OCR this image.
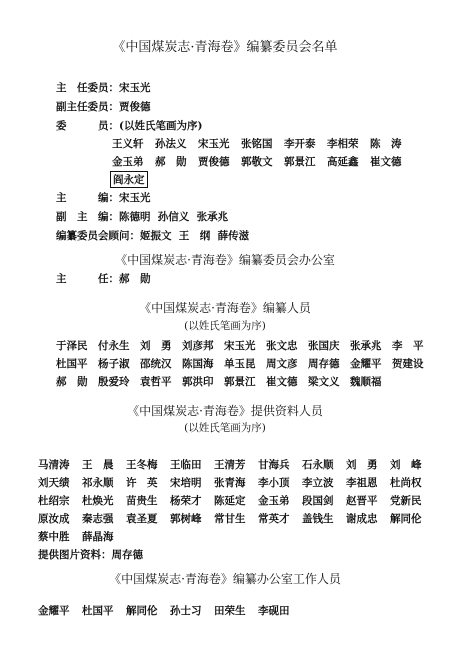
《中国煤炭志·青海卷》编纂委员会名单
主　任委员：宋玉光
副主任委员：贾俊德
委　　　员：(以姓氏笔画为序)
王义轩 孙法义 宋玉光 张铭国 李开泰 李相荣 陈　涛
金玉弟 郝　勋 贾俊德 郭敬文 郭景江 高延鑫 崔文德
阎永定
主　　　编：宋玉光
副　主　编：陈德明  孙信义  张承兆
编纂委员会顾问：姬振文  王　纲  薛传滋
《中国煤炭志·青海卷》编纂委员会办公室
主　　　任：郝　勋
《中国煤炭志·青海卷》编纂人员
(以姓氏笔画为序)
于泽民 付永生 刘　勇 刘彦邦 宋玉光 张文忠 张国庆 张承兆 李　平
杜国平 杨子淑 邵统汉 陈国海 单玉昆 周文彦 周存德 金耀平 贺建设
郝　勋 殷爱玲 袁哲平 郭洪印 郭景江 崔文德 梁文义 魏顺福
《中国煤炭志·青海卷》提供资料人员
(以姓氏笔画为序)
马清涛 王　晨 王冬梅 王临田 王清芳 甘海兵 石永顺 刘　勇 刘　峰
刘天绩 祁永顺 许　英 宋培明 张青海 李小顶 李立波 李祖恩 杜尚权
杜绍宗 杜焕光 苗贵生 杨荣才 陈延定 金玉弟 段国剑 赵晋平 党新民
原汝成 秦志强 袁圣夏 郭树峰 常甘生 常英才 盖钱生 谢成忠 解同伦
蔡中胜 薛晶海
提供图片资料：周存德
《中国煤炭志·青海卷》编纂办公室工作人员
金耀平 杜国平 解同伦 孙士习 田荣生 李砚田
